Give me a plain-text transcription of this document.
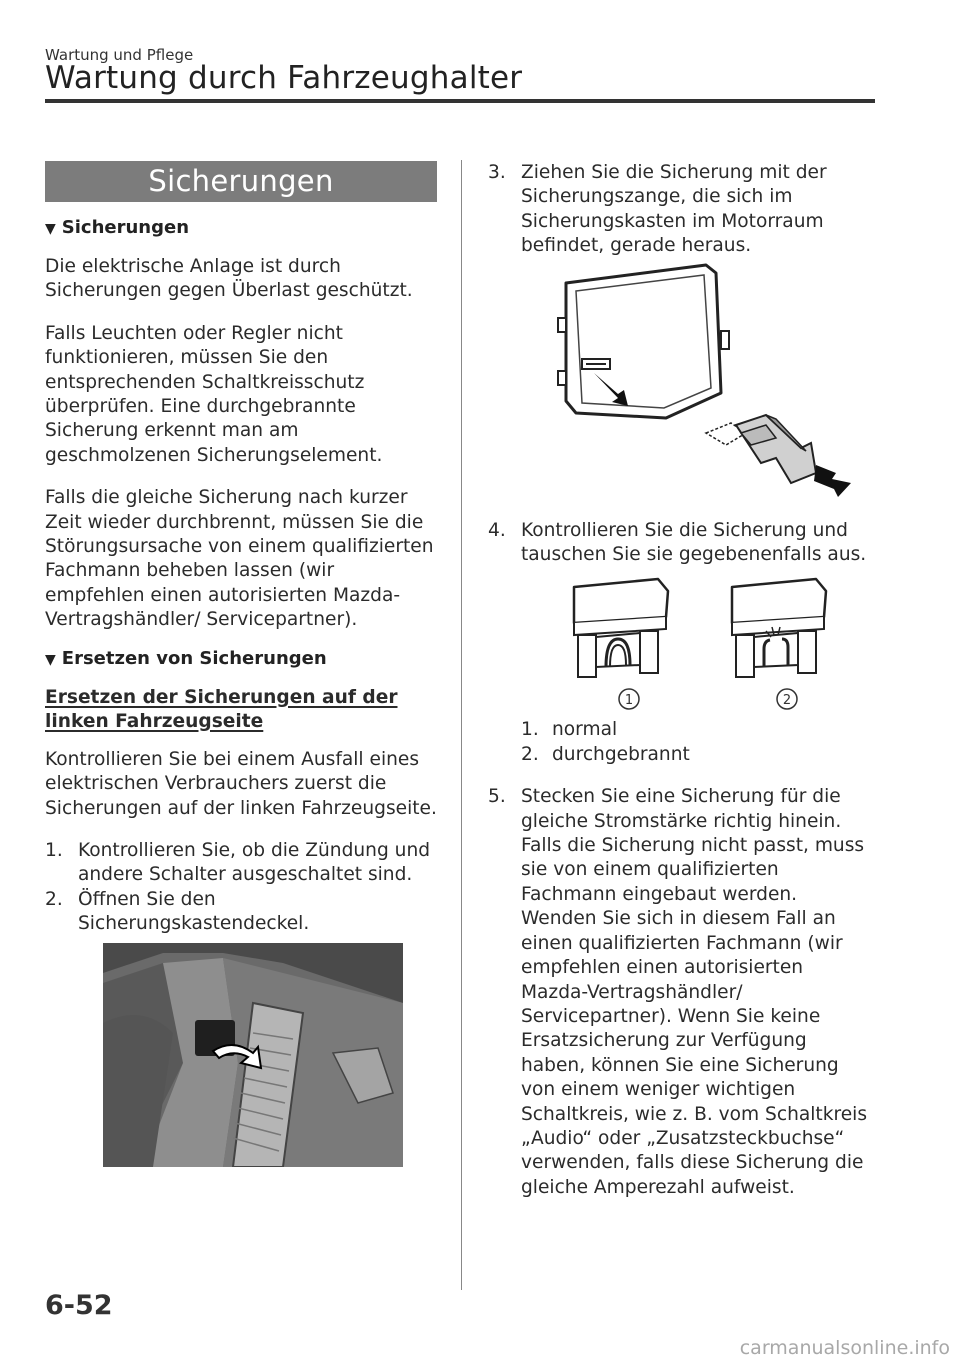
Wartung und Pflege
Wartung durch Fahrzeughalter
Sicherungen
▼ Sicherungen

Die elektrische Anlage ist durch Sicherungen gegen Überlast geschützt.

Falls Leuchten oder Regler nicht funktionieren, müssen Sie den entsprechenden Schaltkreisschutz überprüfen. Eine durchgebrannte Sicherung erkennt man am geschmolzenen Sicherungselement.

Falls die gleiche Sicherung nach kurzer Zeit wieder durchbrennt, müssen Sie die Störungsursache von einem qualifizierten Fachmann beheben lassen (wir empfehlen einen autorisierten Mazda-Vertragshändler/ Servicepartner).

▼ Ersetzen von Sicherungen
Ersetzen der Sicherungen auf der linken Fahrzeugseite

Kontrollieren Sie bei einem Ausfall eines elektrischen Verbrauchers zuerst die Sicherungen auf der linken Fahrzeugseite.

1. Kontrollieren Sie, ob die Zündung und andere Schalter ausgeschaltet sind.
2. Öffnen Sie den Sicherungskastendeckel.
3. Ziehen Sie die Sicherung mit der Sicherungszange, die sich im Sicherungskasten im Motorraum befindet, gerade heraus.
4. Kontrollieren Sie die Sicherung und tauschen Sie sie gegebenenfalls aus.
1	2
1. normal
2. durchgebrannt
5. Stecken Sie eine Sicherung für die gleiche Stromstärke richtig hinein. Falls die Sicherung nicht passt, muss sie von einem qualifizierten Fachmann eingebaut werden. Wenden Sie sich in diesem Fall an einen qualifizierten Fachmann (wir empfehlen einen autorisierten Mazda-Vertragshändler/ Servicepartner). Wenn Sie keine Ersatzsicherung zur Verfügung haben, können Sie eine Sicherung von einem weniger wichtigen Schaltkreis, wie z. B. vom Schaltkreis „Audio“ oder „Zusatzsteckbuchse“ verwenden, falls diese Sicherung die gleiche Amperezahl aufweist.
6-52
carmanualsonline.info
